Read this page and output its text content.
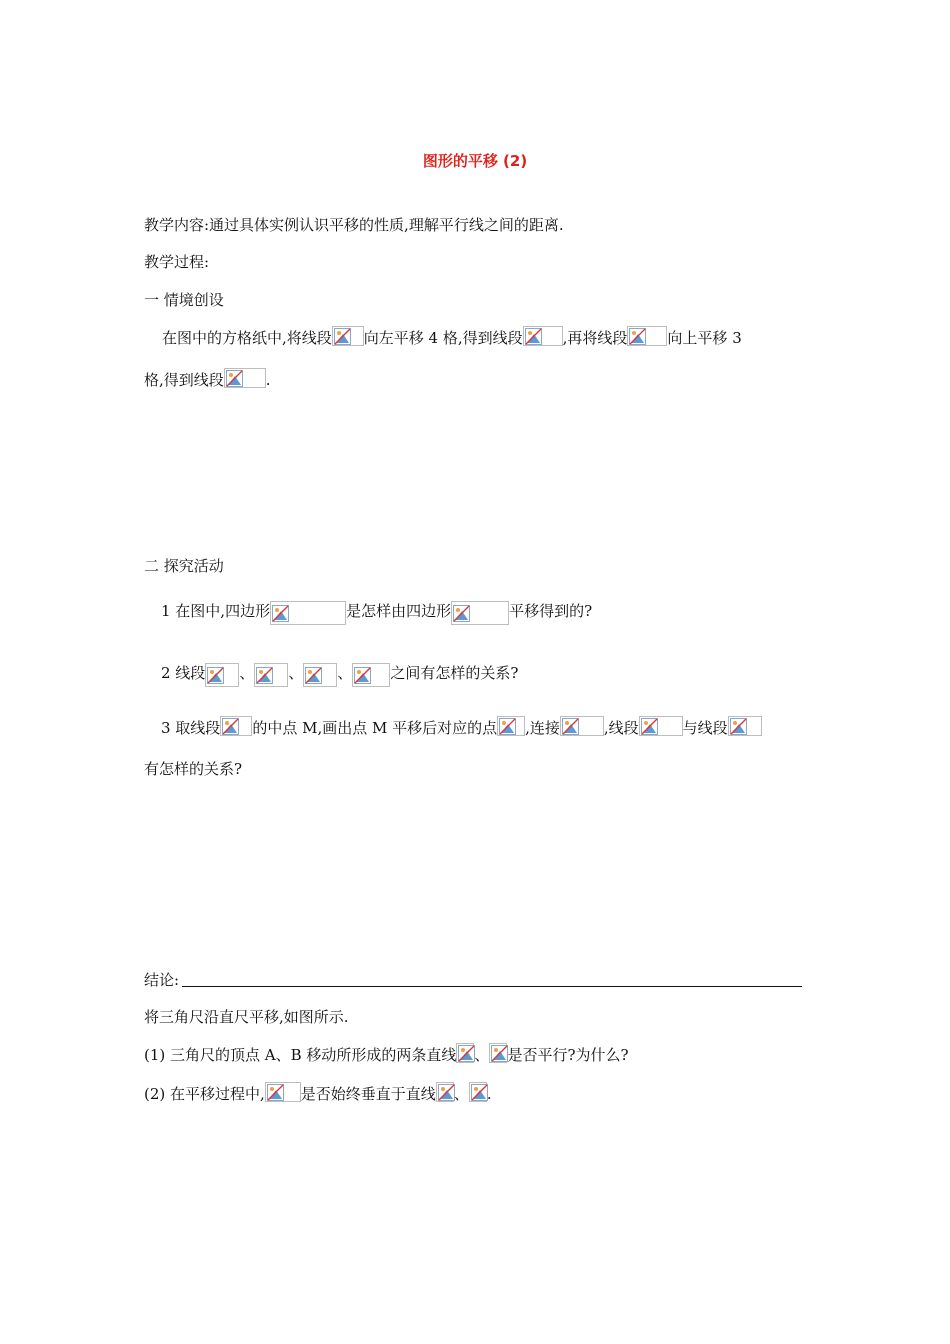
图形的平移 (2)
教学内容:通过具体实例认识平移的性质,理解平行线之间的距离.
教学过程:
一 情境创设
在图中的方格纸中,将线段 向左平移 4 格,得到线段	,再将线段	向上平移 3
格,得到线段	.
二 探究活动
1 在图中,四边形	是怎样由四边形	平移得到的?
2 线段 、 、 、	之间有怎样的关系?
3 取线段 的中点 M,画出点 M 平移后对应的点 ,连接	,线段	与线段
有怎样的关系?
结论:
将三角尺沿直尺平移,如图所示.
(1) 三角尺的顶点 A、B 移动所形成的两条直线 、 是否平行?为什么?
(2) 在平移过程中, 是否始终垂直于直线 、 .
